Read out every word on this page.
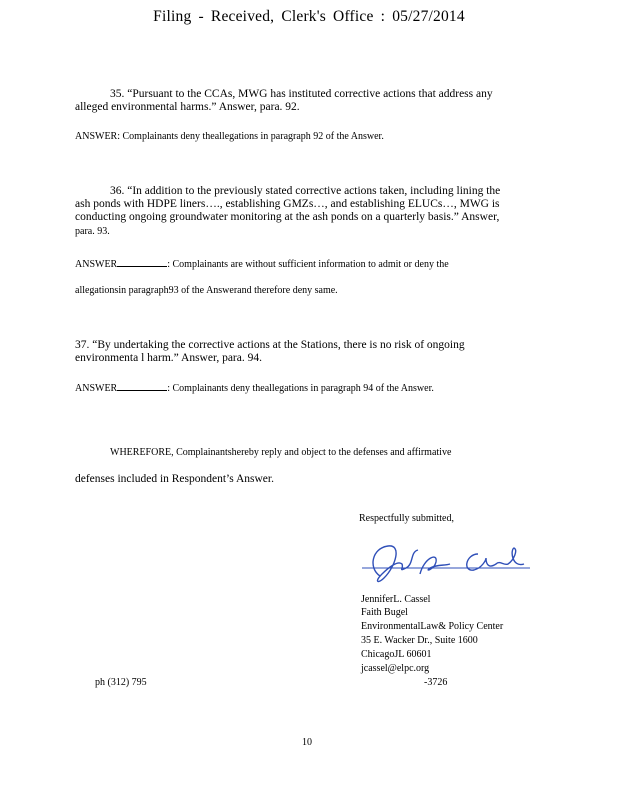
Filing - Received, Clerk's Office : 05/27/2014
35. “Pursuant to the CCAs, MWG has instituted corrective actions that address any
alleged environmental harms.” Answer, para. 92.
ANSWER: Complainants deny theallegations in paragraph 92 of the Answer.
36. “In addition to the previously stated corrective actions taken, including lining the
ash ponds with HDPE liners…., establishing GMZs…, and establishing ELUCs…, MWG is
conducting ongoing groundwater monitoring at the ash ponds on a quarterly basis.” Answer,
para. 93.
ANSWER	: Complainants are without sufficient information to admit or deny the
allegationsin paragraph93 of the Answerand therefore deny same.
37. “By undertaking the corrective actions at the Stations, there is no risk of ongoing
environmenta l harm.” Answer, para. 94.
ANSWER	: Complainants deny theallegations in paragraph 94 of the Answer.
WHEREFORE, Complainantshereby reply and object to the defenses and affirmative
defenses included in Respondent’s Answer.
Respectfully submitted,
JenniferL. Cassel
Faith Bugel
EnvironmentalLaw& Policy Center
35 E. Wacker Dr., Suite 1600
ChicagoJL 60601
jcassel@elpc.org
ph (312) 795	-3726
10
